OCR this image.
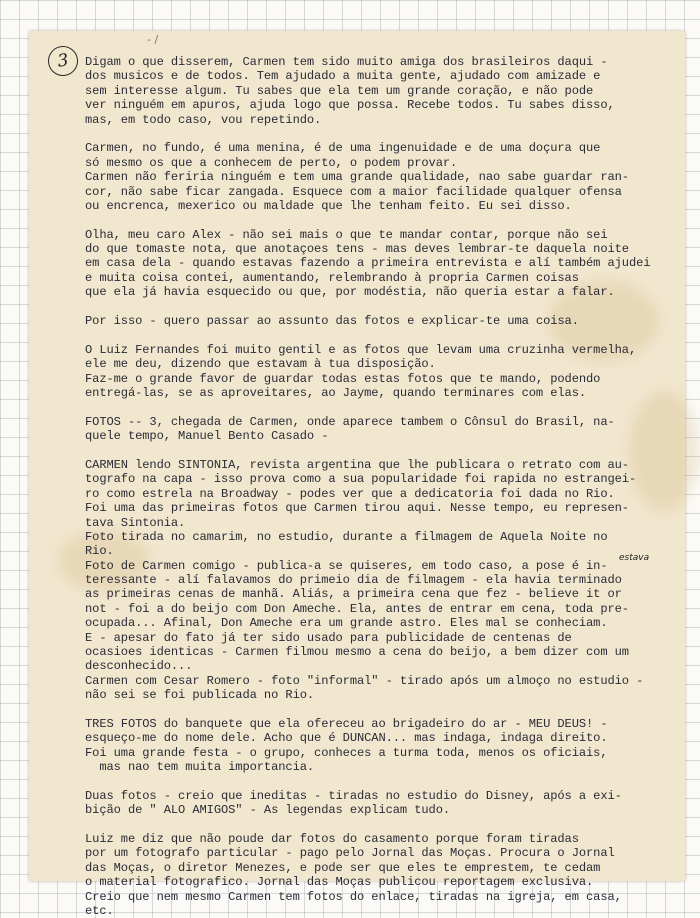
3
- /
estava
Digam o que disserem, Carmen tem sido muito amiga dos brasileiros daqui -
dos musicos e de todos. Tem ajudado a muita gente, ajudado com amizade e
sem interesse algum. Tu sabes que ela tem um grande coração, e não pode
ver ninguém em apuros, ajuda logo que possa. Recebe todos. Tu sabes disso,
mas, em todo caso, vou repetindo.
Carmen, no fundo, é uma menina, é de uma ingenuidade e de uma doçura que
só mesmo os que a conhecem de perto, o podem provar.
Carmen não feriria ninguém e tem uma grande qualidade, nao sabe guardar ran-
cor, não sabe ficar zangada. Esquece com a maior facilidade qualquer ofensa
ou encrenca, mexerico ou maldade que lhe tenham feito. Eu sei disso.
Olha, meu caro Alex - não sei mais o que te mandar contar, porque não sei
do que tomaste nota, que anotaçoes tens - mas deves lembrar-te daquela noite
em casa dela - quando estavas fazendo a primeira entrevista e alí também ajudei
e muita coisa contei, aumentando, relembrando à propria Carmen coisas
que ela já havia esquecido ou que, por modéstia, não queria estar a falar.
Por isso - quero passar ao assunto das fotos e explicar-te uma coisa.
O Luiz Fernandes foi muito gentil e as fotos que levam uma cruzinha vermelha,
ele me deu, dizendo que estavam à tua disposição.
Faz-me o grande favor de guardar todas estas fotos que te mando, podendo
entregá-las, se as aproveitares, ao Jayme, quando terminares com elas.
FOTOS -- 3, chegada de Carmen, onde aparece tambem o Cônsul do Brasil, na-
quele tempo, Manuel Bento Casado -
CARMEN lendo SINTONIA, revista argentina que lhe publicara o retrato com au-
tografo na capa - isso prova como a sua popularidade foi rapida no estrangei-
ro como estrela na Broadway - podes ver que a dedicatoria foi dada no Rio.
Foi uma das primeiras fotos que Carmen tirou aqui. Nesse tempo, eu represen-
tava Sintonia.
Foto tirada no camarim, no estudio, durante a filmagem de Aquela Noite no
Rio.
Foto de Carmen comigo - publica-a se quiseres, em todo caso, a pose é in-
teressante - alí falavamos do primeio dia de filmagem - ela havia terminado
as primeiras cenas de manhã. Aliás, a primeira cena que fez - believe it or
not - foi a do beijo com Don Ameche. Ela, antes de entrar em cena, toda pre-
ocupada... Afinal, Don Ameche era um grande astro. Eles mal se conheciam.
E - apesar do fato já ter sido usado para publicidade de centenas de
ocasioes identicas - Carmen filmou mesmo a cena do beijo, a bem dizer com um
desconhecido...
Carmen com Cesar Romero - foto "informal" - tirado após um almoço no estudio -
não sei se foi publicada no Rio.
TRES FOTOS do banquete que ela ofereceu ao brigadeiro do ar - MEU DEUS! -
esqueço-me do nome dele. Acho que é DUNCAN... mas indaga, indaga direito.
Foi uma grande festa - o grupo, conheces a turma toda, menos os oficiais,
mas nao tem muita importancia.
Duas fotos - creio que ineditas - tiradas no estudio do Disney, após a exi-
bição de " ALO AMIGOS" - As legendas explicam tudo.
Luiz me diz que não poude dar fotos do casamento porque foram tiradas
por um fotografo particular - pago pelo Jornal das Moças. Procura o Jornal
das Moças, o diretor Menezes, e pode ser que eles te emprestem, te cedam
o material fotografico. Jornal das Moças publicou reportagem exclusiva.
Creio que nem mesmo Carmen tem fotos do enlace, tiradas na igreja, em casa,
etc.
